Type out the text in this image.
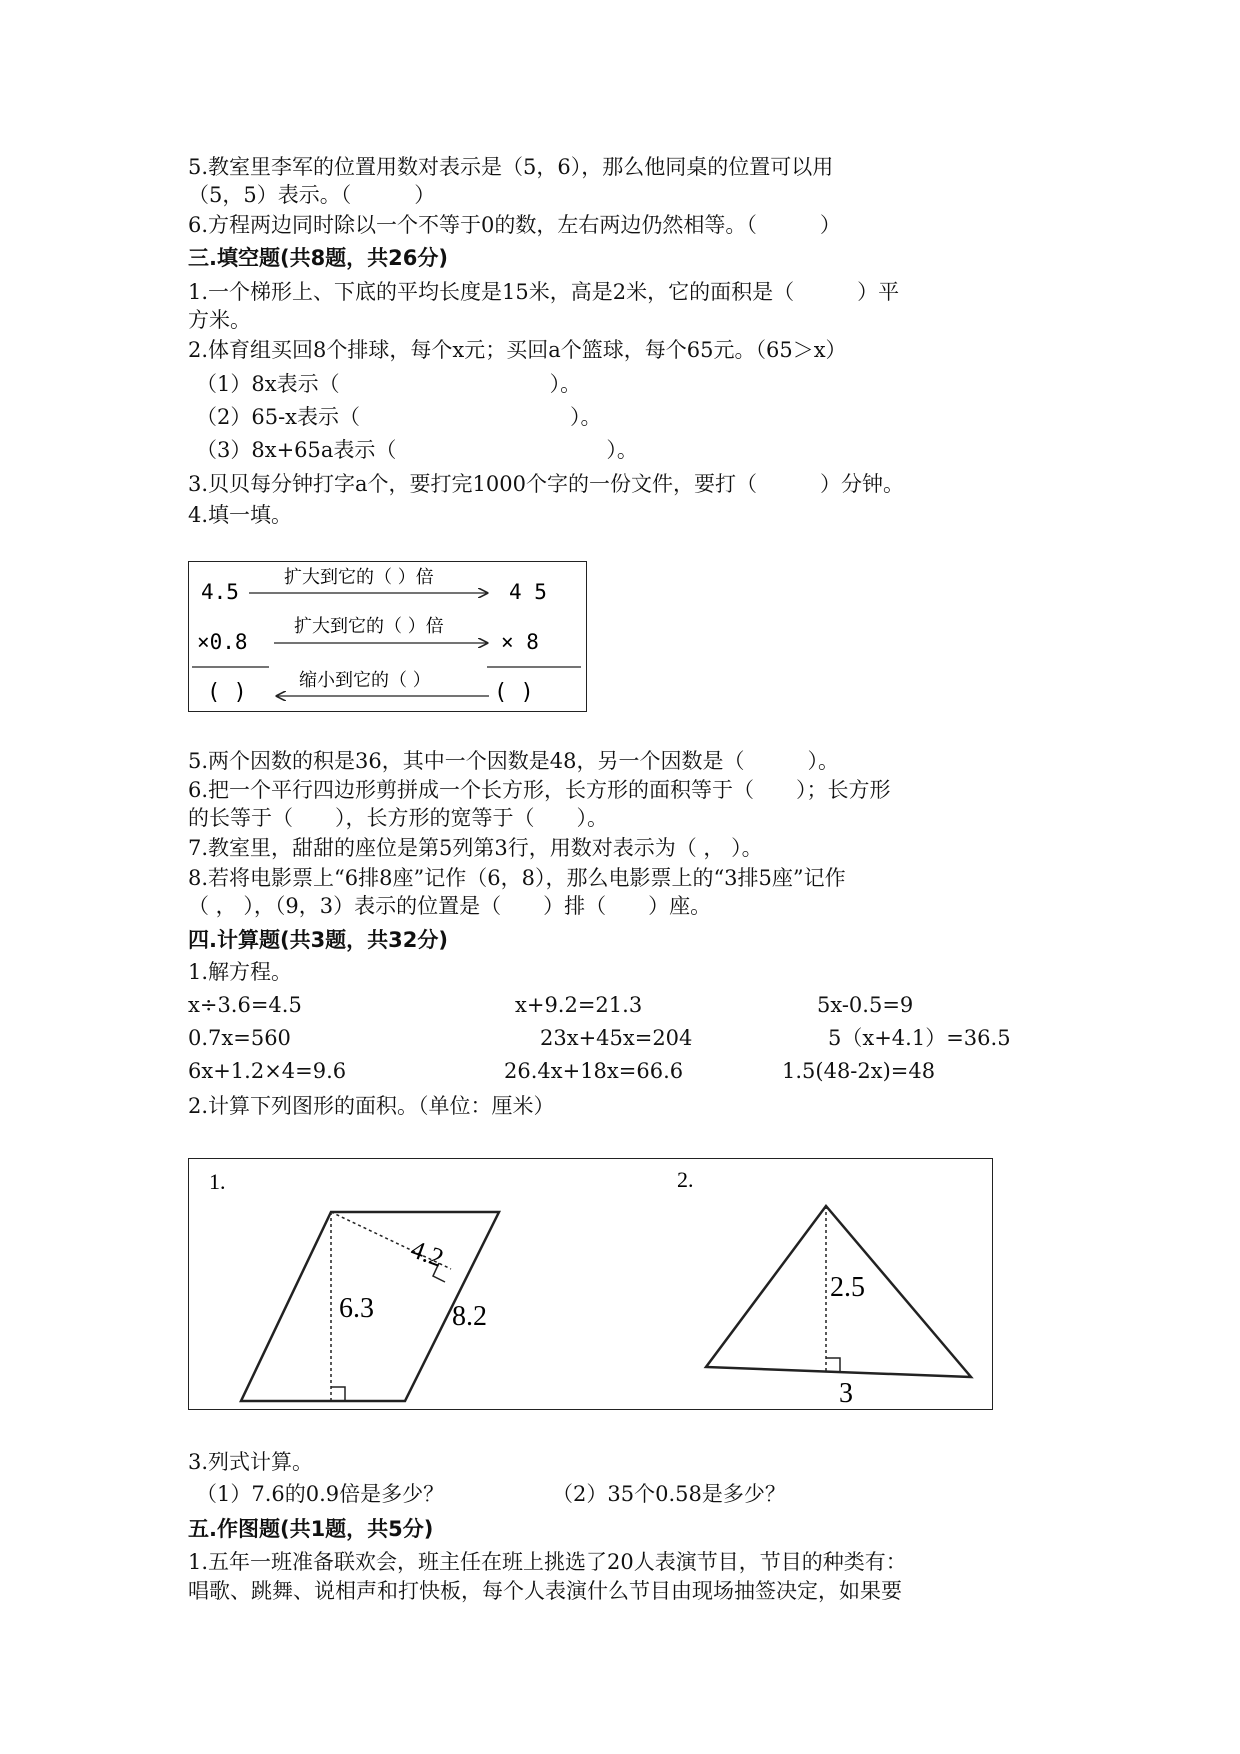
5.教室里李军的位置用数对表示是（5，6），那么他同桌的位置可以用
（5，5）表示。（　　　）
6.方程两边同时除以一个不等于0的数，左右两边仍然相等。（　　　）
三.填空题(共8题，共26分)
1.一个梯形上、下底的平均长度是15米，高是2米，它的面积是（　　　）平
方米。
2.体育组买回8个排球，每个x元；买回a个篮球，每个65元。（65＞x）
（1）8x表示（　　　　　　　　　　）。
（2）65-x表示（　　　　　　　　　　）。
（3）8x+65a表示（　　　　　　　　　　）。
3.贝贝每分钟打字a个，要打完1000个字的一份文件，要打（　　　）分钟。
4.填一填。
4.5
扩大到它的（ ）倍
4 5
×0.8
扩大到它的（ ）倍
× 8
( )	缩小到它的（ ）	( )
5.两个因数的积是36，其中一个因数是48，另一个因数是（　　　）。
6.把一个平行四边形剪拼成一个长方形，长方形的面积等于（　　）；长方形
的长等于（　　），长方形的宽等于（　　）。
7.教室里，甜甜的座位是第5列第3行，用数对表示为（ ， ）。
8.若将电影票上“6排8座”记作（6，8），那么电影票上的“3排5座”记作
（ ， ），（9，3）表示的位置是（　　）排（　　）座。
四.计算题(共3题，共32分)
1.解方程。
x÷3.6=4.5	x+9.2=21.3	5x-0.5=9
0.7x=560	23x+45x=204	5（x+4.1）=36.5
6x+1.2×4=9.6	26.4x+18x=66.6	1.5(48-2x)=48
2.计算下列图形的面积。（单位：厘米）
1.
6.3
4.2
8.2
2.
2.5
3
3.列式计算。
（1）7.6的0.9倍是多少？	（2）35个0.58是多少？
五.作图题(共1题，共5分)
1.五年一班准备联欢会，班主任在班上挑选了20人表演节目，节目的种类有：
唱歌、跳舞、说相声和打快板，每个人表演什么节目由现场抽签决定，如果要
